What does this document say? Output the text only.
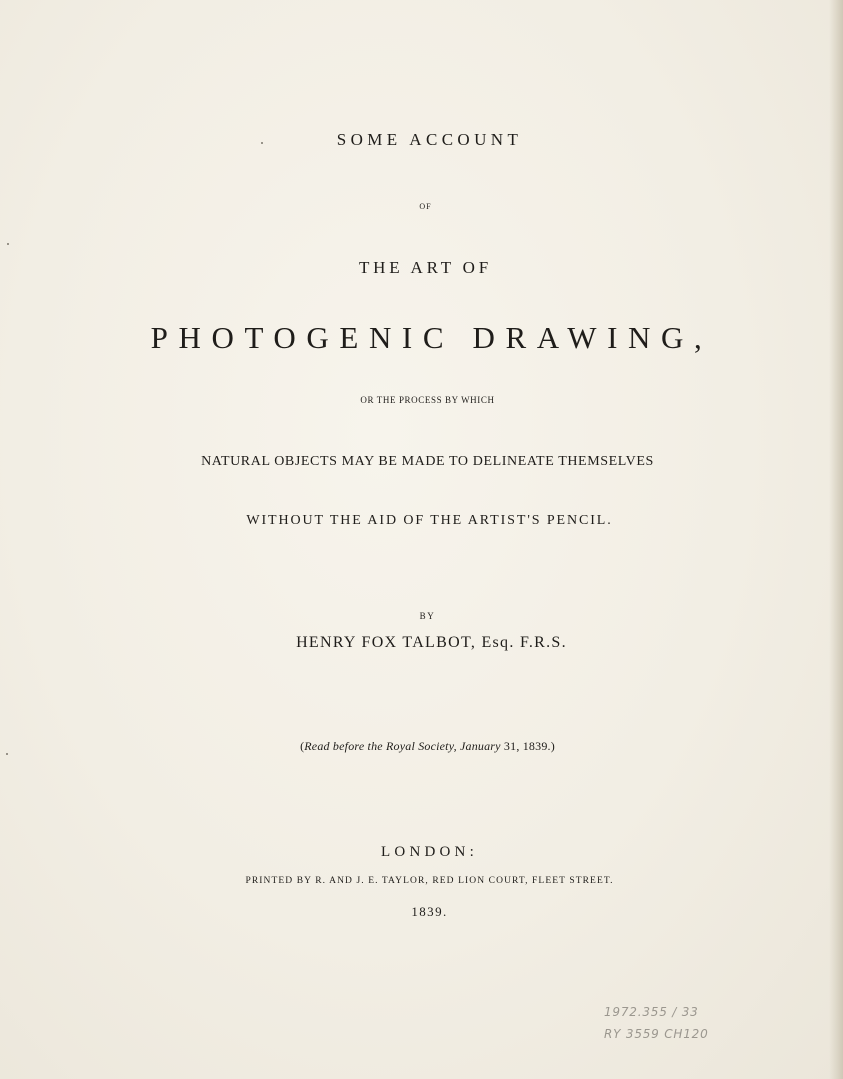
SOME ACCOUNT
OF
THE ART OF
PHOTOGENIC DRAWING,
OR THE PROCESS BY WHICH
NATURAL OBJECTS MAY BE MADE TO DELINEATE THEMSELVES
WITHOUT THE AID OF THE ARTIST'S PENCIL.
BY
HENRY FOX TALBOT, Esq. F.R.S.
(Read before the Royal Society, January 31, 1839.)
LONDON:
PRINTED BY R. AND J. E. TAYLOR, RED LION COURT, FLEET STREET.
1839.
1972.355 / 33
RY 3559 CH120
